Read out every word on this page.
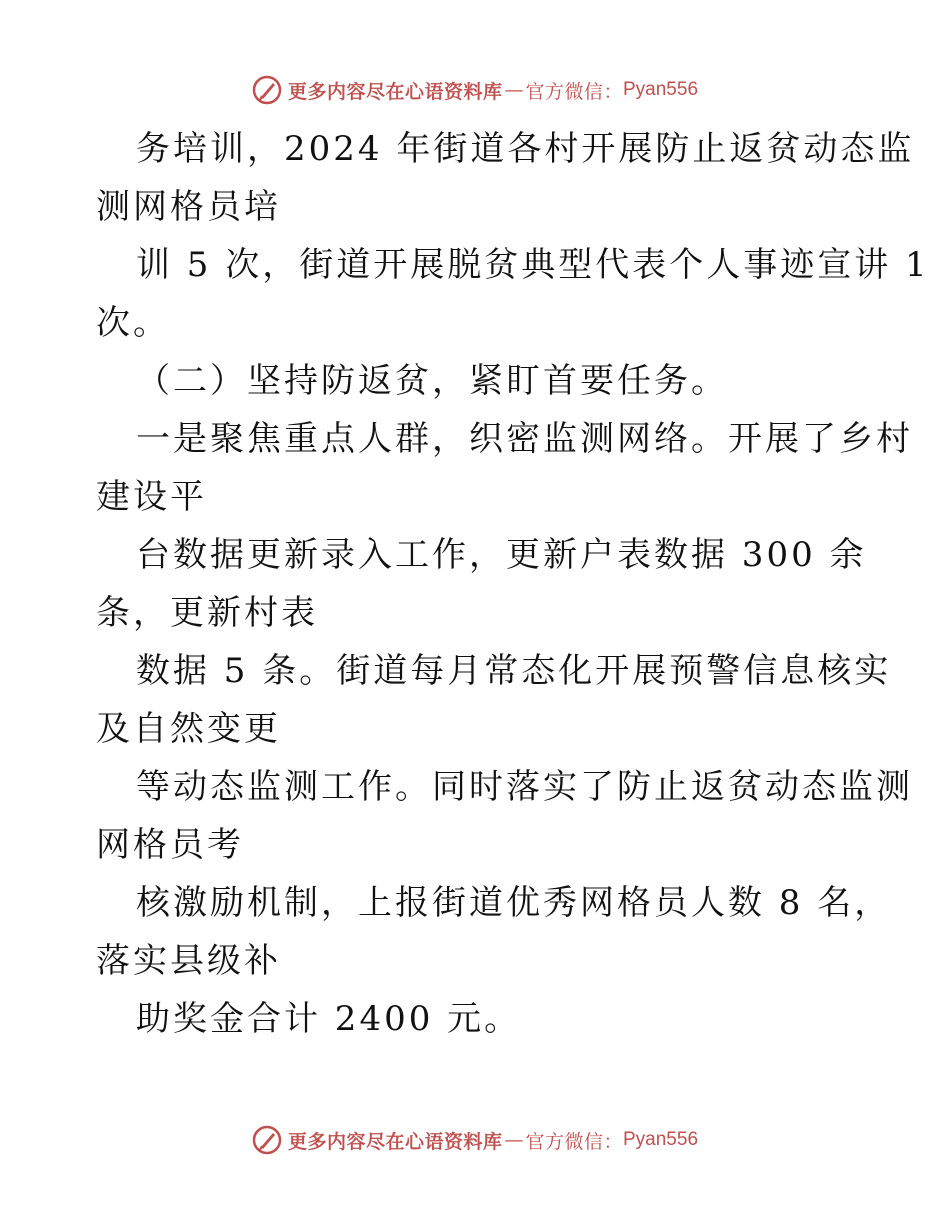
更多内容尽在心语资料库 — 官方微信： Pyan556
务培训，2024 年街道各村开展防止返贫动态监
测网格员培
训 5 次，街道开展脱贫典型代表个人事迹宣讲 1
次。
（二）坚持防返贫，紧盯首要任务。
一是聚焦重点人群，织密监测网络。开展了乡村
建设平
台数据更新录入工作，更新户表数据 300 余
条，更新村表
数据 5 条。街道每月常态化开展预警信息核实
及自然变更
等动态监测工作。同时落实了防止返贫动态监测
网格员考
核激励机制，上报街道优秀网格员人数 8 名，
落实县级补
助奖金合计 2400 元。
更多内容尽在心语资料库 — 官方微信： Pyan556
